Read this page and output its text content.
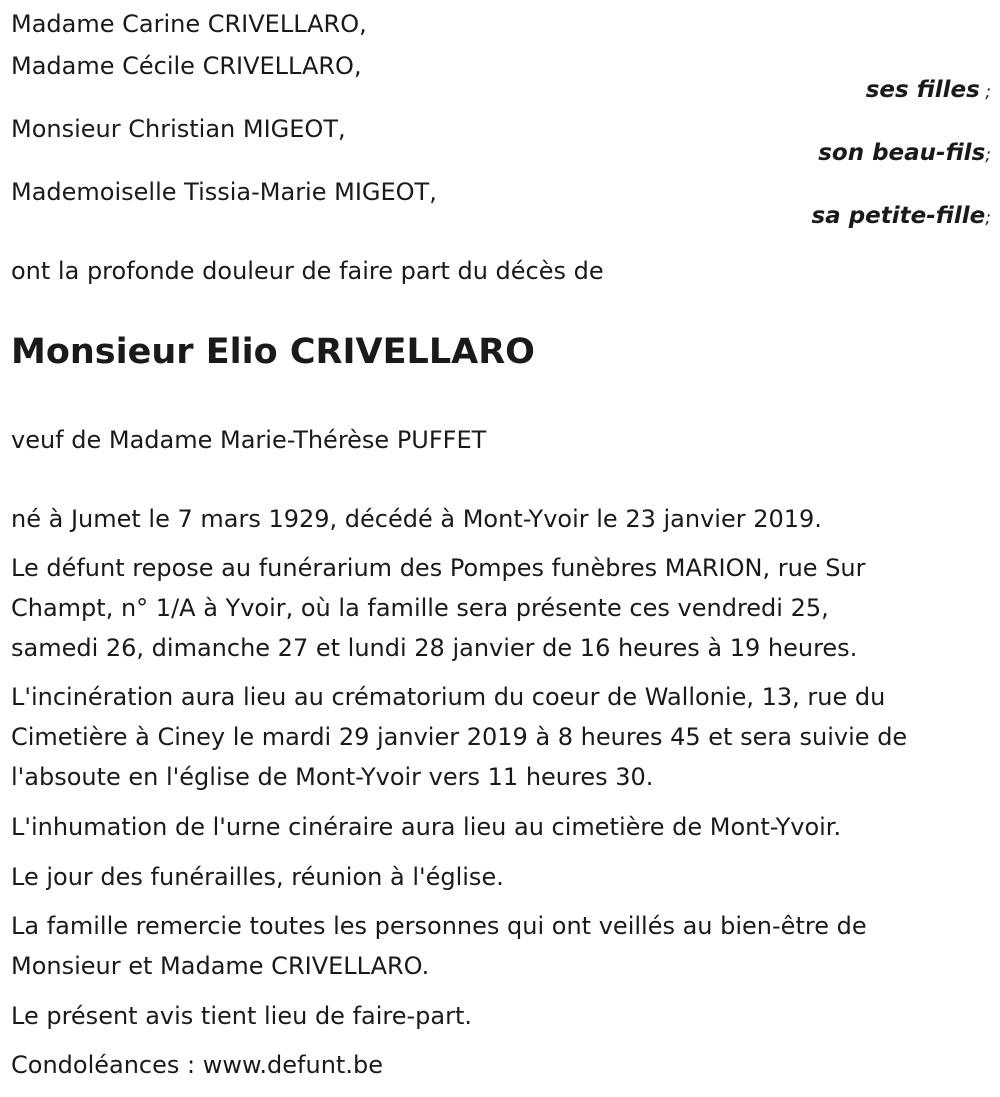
Madame Carine CRIVELLARO,
Madame Cécile CRIVELLARO,
ses filles ;
Monsieur Christian MIGEOT,
son beau-fils;
Mademoiselle Tissia-Marie MIGEOT,
sa petite-fille;
ont la profonde douleur de faire part du décès de
Monsieur Elio CRIVELLARO
veuf de Madame Marie-Thérèse PUFFET
né à Jumet le 7 mars 1929, décédé à Mont-Yvoir le 23 janvier 2019.
Le défunt repose au funérarium des Pompes funèbres MARION, rue Sur
Champt, n° 1/A à Yvoir, où la famille sera présente ces vendredi 25,
samedi 26, dimanche 27 et lundi 28 janvier de 16 heures à 19 heures.
L'incinération aura lieu au crématorium du coeur de Wallonie, 13, rue du
Cimetière à Ciney le mardi 29 janvier 2019 à 8 heures 45 et sera suivie de
l'absoute en l'église de Mont-Yvoir vers 11 heures 30.
L'inhumation de l'urne cinéraire aura lieu au cimetière de Mont-Yvoir.
Le jour des funérailles, réunion à l'église.
La famille remercie toutes les personnes qui ont veillés au bien-être de
Monsieur et Madame CRIVELLARO.
Le présent avis tient lieu de faire-part.
Condoléances : www.defunt.be
